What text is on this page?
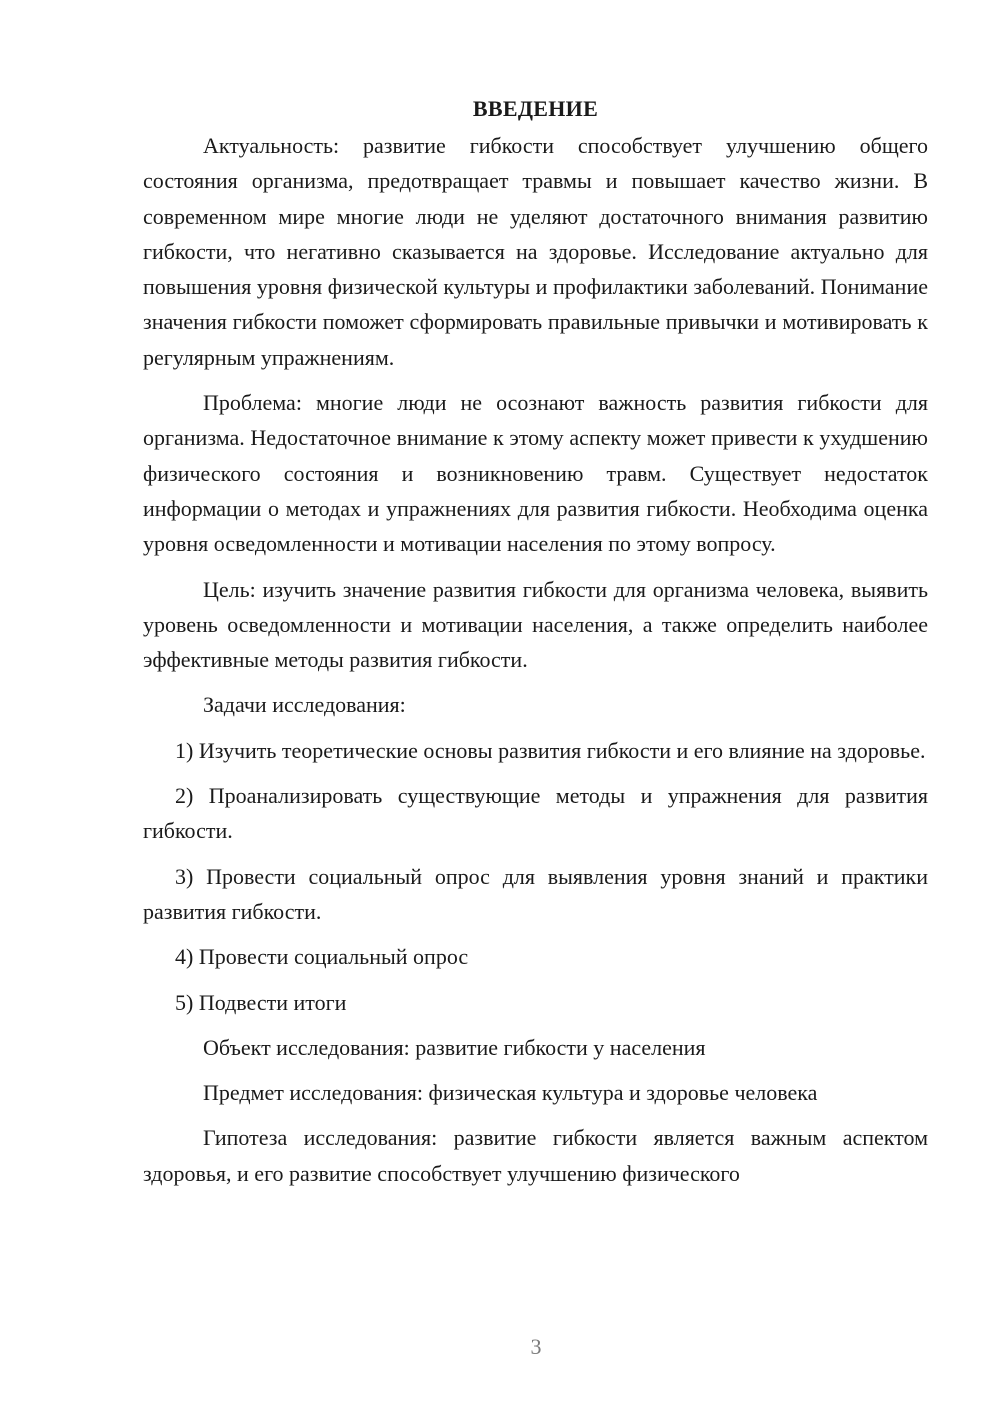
ВВЕДЕНИЕ

Актуальность: развитие гибкости способствует улучшению общего состояния организма, предотвращает травмы и повышает качество жизни. В современном мире многие люди не уделяют достаточного внимания развитию гибкости, что негативно сказывается на здоровье. Исследование актуально для повышения уровня физической культуры и профилактики заболеваний. Понимание значения гибкости поможет сформировать правильные привычки и мотивировать к регулярным упражнениям.

Проблема: многие люди не осознают важность развития гибкости для организма. Недостаточное внимание к этому аспекту может привести к ухудшению физического состояния и возникновению травм. Существует недостаток информации о методах и упражнениях для развития гибкости. Необходима оценка уровня осведомленности и мотивации населения по этому вопросу.

Цель: изучить значение развития гибкости для организма человека, выявить уровень осведомленности и мотивации населения, а также определить наиболее эффективные методы развития гибкости.

Задачи исследования:

1) Изучить теоретические основы развития гибкости и его влияние на здоровье.

2) Проанализировать существующие методы и упражнения для развития гибкости.

3) Провести социальный опрос для выявления уровня знаний и практики развития гибкости.

4) Провести социальный опрос

5) Подвести итоги

Объект исследования: развитие гибкости у населения

Предмет исследования: физическая культура и здоровье человека

Гипотеза исследования: развитие гибкости является важным аспектом здоровья, и его развитие способствует улучшению физического

3
